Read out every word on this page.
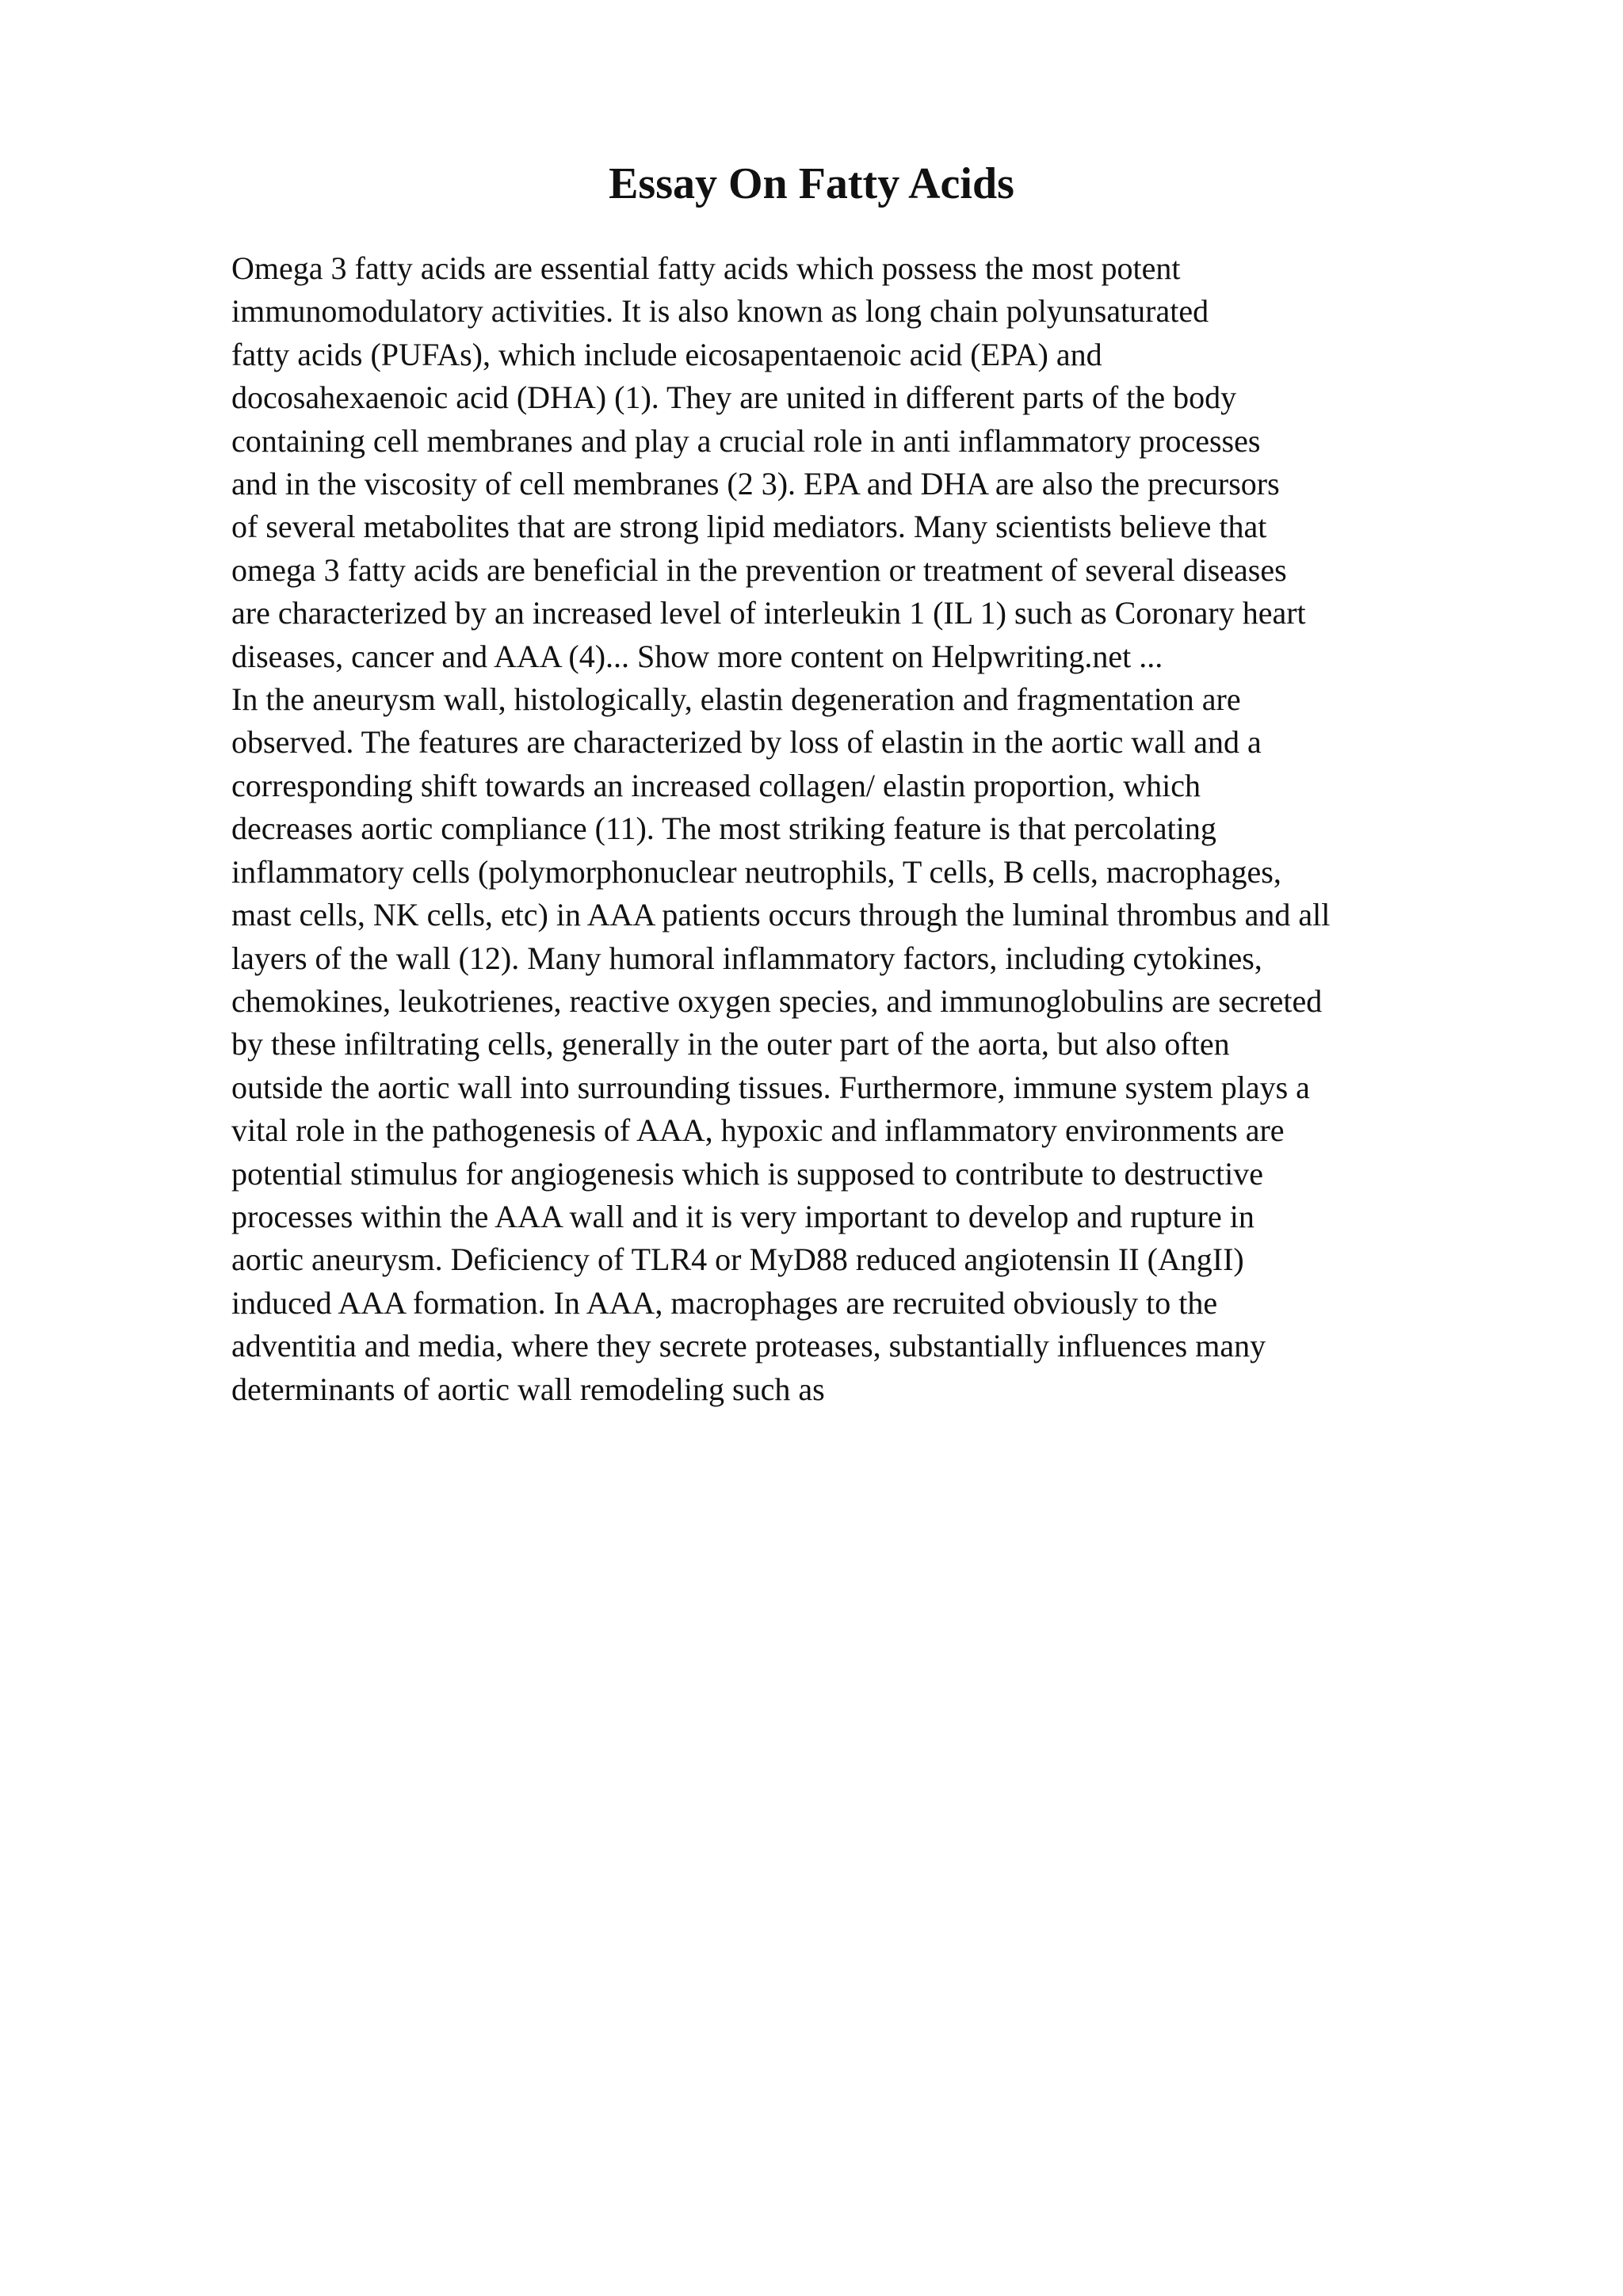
Essay On Fatty Acids
Omega 3 fatty acids are essential fatty acids which possess the most potent
immunomodulatory activities. It is also known as long chain polyunsaturated
fatty acids (PUFAs), which include eicosapentaenoic acid (EPA) and
docosahexaenoic acid (DHA) (1). They are united in different parts of the body
containing cell membranes and play a crucial role in anti inflammatory processes
and in the viscosity of cell membranes (2 3). EPA and DHA are also the precursors
of several metabolites that are strong lipid mediators. Many scientists believe that
omega 3 fatty acids are beneficial in the prevention or treatment of several diseases
are characterized by an increased level of interleukin 1 (IL 1) such as Coronary heart
diseases, cancer and AAA (4)... Show more content on Helpwriting.net ...
In the aneurysm wall, histologically, elastin degeneration and fragmentation are
observed. The features are characterized by loss of elastin in the aortic wall and a
corresponding shift towards an increased collagen/ elastin proportion, which
decreases aortic compliance (11). The most striking feature is that percolating
inflammatory cells (polymorphonuclear neutrophils, T cells, B cells, macrophages,
mast cells, NK cells, etc) in AAA patients occurs through the luminal thrombus and all
layers of the wall (12). Many humoral inflammatory factors, including cytokines,
chemokines, leukotrienes, reactive oxygen species, and immunoglobulins are secreted
by these infiltrating cells, generally in the outer part of the aorta, but also often
outside the aortic wall into surrounding tissues. Furthermore, immune system plays a
vital role in the pathogenesis of AAA, hypoxic and inflammatory environments are
potential stimulus for angiogenesis which is supposed to contribute to destructive
processes within the AAA wall and it is very important to develop and rupture in
aortic aneurysm. Deficiency of TLR4 or MyD88 reduced angiotensin II (AngII)
induced AAA formation. In AAA, macrophages are recruited obviously to the
adventitia and media, where they secrete proteases, substantially influences many
determinants of aortic wall remodeling such as
